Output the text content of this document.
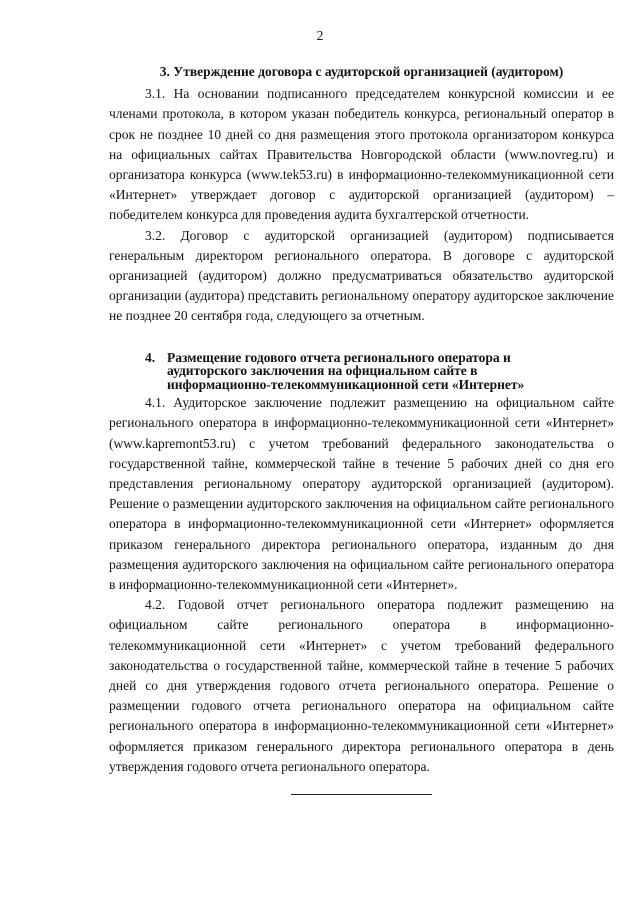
2
3. Утверждение договора с аудиторской организацией (аудитором)

3.1. На основании подписанного председателем конкурсной комиссии и ее членами протокола, в котором указан победитель конкурса, региональный оператор в срок не позднее 10 дней со дня размещения этого протокола организатором конкурса на официальных сайтах Правительства Новгородской области (www.novreg.ru) и организатора конкурса (www.tek53.ru) в информационно-телекоммуникационной сети «Интернет» утверждает договор с аудиторской организацией (аудитором) – победителем конкурса для проведения аудита бухгалтерской отчетности.

3.2. Договор с аудиторской организацией (аудитором) подписывается генеральным директором регионального оператора. В договоре с аудиторской организацией (аудитором) должно предусматриваться обязательство аудиторской организации (аудитора) представить региональному оператору аудиторское заключение не позднее 20 сентября года, следующего за отчетным.

4. Размещение годового отчета регионального оператора и
аудиторского заключения на официальном сайте в
информационно-телекоммуникационной сети «Интернет»

4.1. Аудиторское заключение подлежит размещению на официальном сайте регионального оператора в информационно-телекоммуникационной сети «Интернет» (www.kapremont53.ru) с учетом требований федерального законодательства о государственной тайне, коммерческой тайне в течение 5 рабочих дней со дня его представления региональному оператору аудиторской организацией (аудитором). Решение о размещении аудиторского заключения на официальном сайте регионального оператора в информационно-телекоммуникационной сети «Интернет» оформляется приказом генерального директора регионального оператора, изданным до дня размещения аудиторского заключения на официальном сайте регионального оператора в информационно-телекоммуникационной сети «Интернет».

4.2. Годовой отчет регионального оператора подлежит размещению на официальном сайте регионального оператора в информационно-телекоммуникационной сети «Интернет» с учетом требований федерального законодательства о государственной тайне, коммерческой тайне в течение 5 рабочих дней со дня утверждения годового отчета регионального оператора. Решение о размещении годового отчета регионального оператора на официальном сайте регионального оператора в информационно-телекоммуникационной сети «Интернет» оформляется приказом генерального директора регионального оператора в день утверждения годового отчета регионального оператора.
